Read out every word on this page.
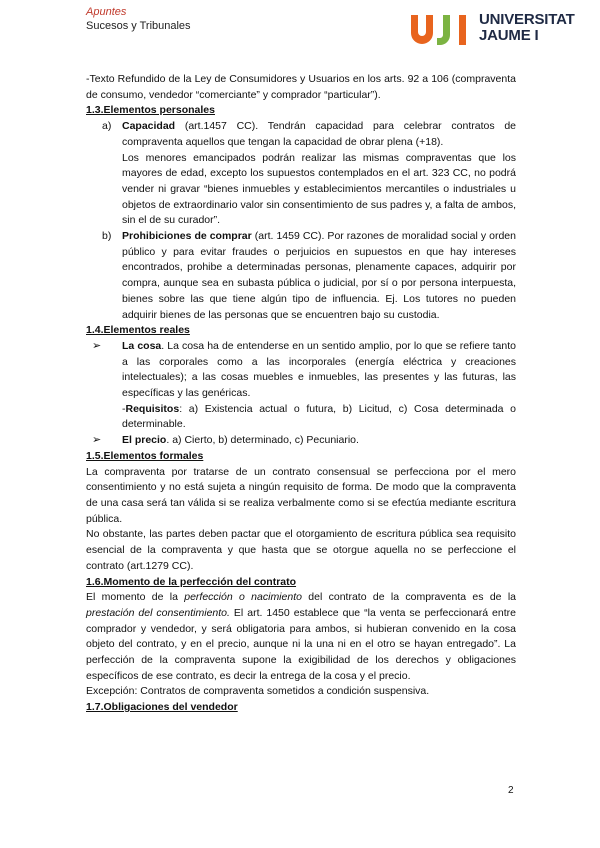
Apuntes
Sucesos y Tribunales	UNIVERSITAT
JAUME I

-Texto Refundido de la Ley de Consumidores y Usuarios en los arts. 92 a 106 (compraventa de consumo, vendedor “comerciante” y comprador “particular”).

1.3.Elementos personales
a) Capacidad (art.1457 CC). Tendrán capacidad para celebrar contratos de compraventa aquellos que tengan la capacidad de obrar plena (+18).

Los menores emancipados podrán realizar las mismas compraventas que los mayores de edad, excepto los supuestos contemplados en el art. 323 CC, no podrá vender ni gravar “bienes inmuebles y establecimientos mercantiles o industriales u objetos de extraordinario valor sin consentimiento de sus padres y, a falta de ambos, sin el de su curador”.

b) Prohibiciones de comprar (art. 1459 CC). Por razones de moralidad social y orden público y para evitar fraudes o perjuicios en supuestos en que hay intereses encontrados, prohibe a determinadas personas, plenamente capaces, adquirir por compra, aunque sea en subasta pública o judicial, por sí o por persona interpuesta, bienes sobre las que tiene algún tipo de influencia. Ej. Los tutores no pueden adquirir bienes de las personas que se encuentren bajo su custodia.

1.4.Elementos reales
➢ La cosa. La cosa ha de entenderse en un sentido amplio, por lo que se refiere tanto a las corporales como a las incorporales (energía eléctrica y creaciones intelectuales); a las cosas muebles e inmuebles, las presentes y las futuras, las específicas y las genéricas.

-Requisitos: a) Existencia actual o futura, b) Licitud, c) Cosa determinada o determinable.

➢ El precio. a) Cierto, b) determinado, c) Pecuniario.

1.5.Elementos formales

La compraventa por tratarse de un contrato consensual se perfecciona por el mero consentimiento y no está sujeta a ningún requisito de forma. De modo que la compraventa de una casa será tan válida si se realiza verbalmente como si se efectúa mediante escritura pública.

No obstante, las partes deben pactar que el otorgamiento de escritura pública sea requisito esencial de la compraventa y que hasta que se otorgue aquella no se perfeccione el contrato (art.1279 CC).

1.6.Momento de la perfección del contrato

El momento de la perfección o nacimiento del contrato de la compraventa es de la prestación del consentimiento. El art. 1450 establece que “la venta se perfeccionará entre comprador y vendedor, y será obligatoria para ambos, si hubieran convenido en la cosa objeto del contrato, y en el precio, aunque ni la una ni en el otro se hayan entregado”. La perfección de la compraventa supone la exigibilidad de los derechos y obligaciones específicos de ese contrato, es decir la entrega de la cosa y el precio.

Excepción: Contratos de compraventa sometidos a condición suspensiva.

1.7.Obligaciones del vendedor
2
